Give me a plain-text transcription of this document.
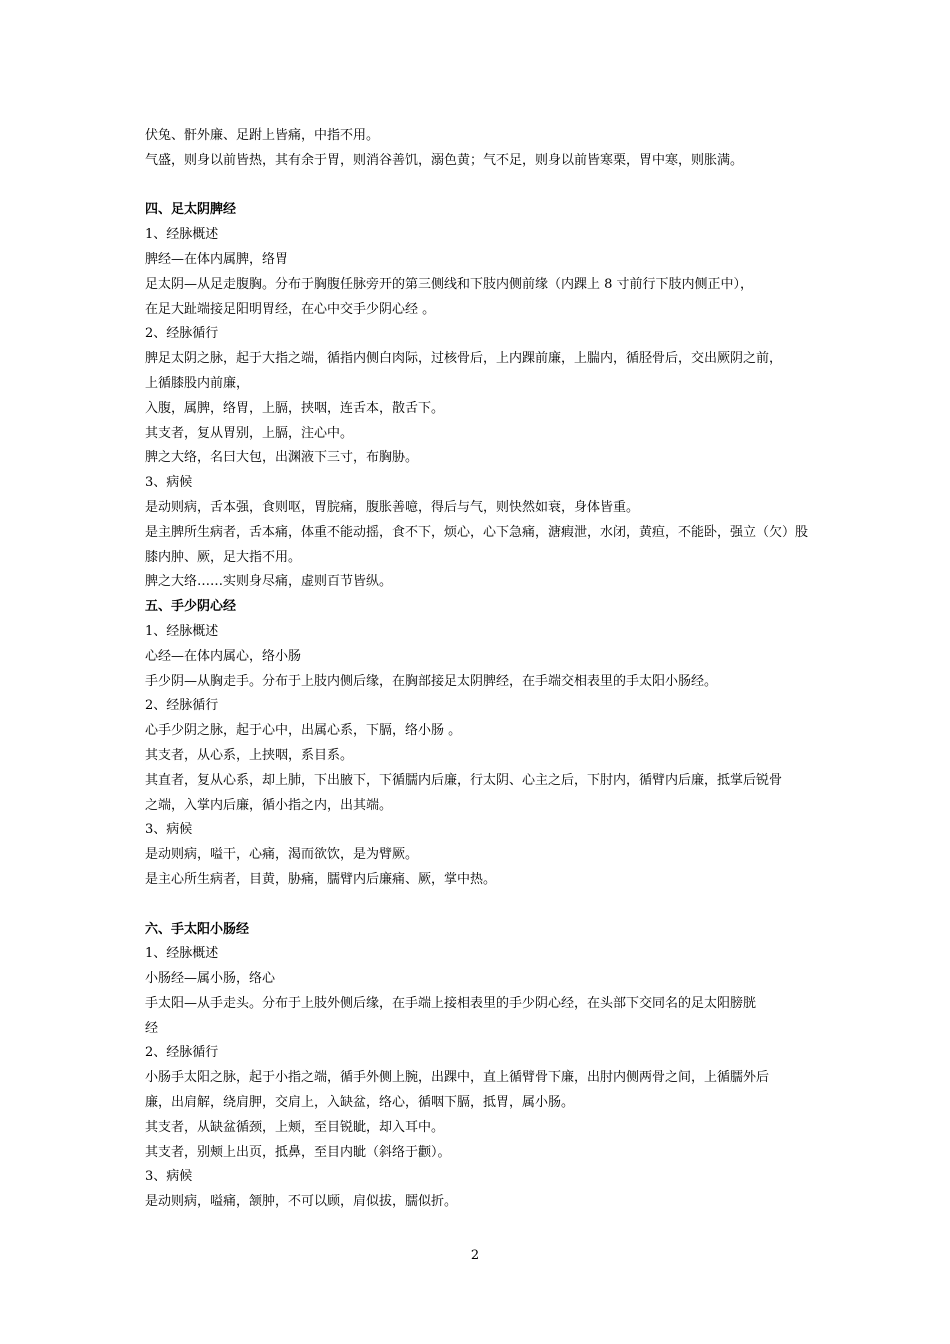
伏兔、骭外廉、足跗上皆痛，中指不用。
气盛，则身以前皆热，其有余于胃，则消谷善饥，溺色黄；气不足，则身以前皆寒栗，胃中寒，则胀满。
四、足太阴脾经
1、经脉概述
脾经—在体内属脾，络胃
足太阴—从足走腹胸。分布于胸腹任脉旁开的第三侧线和下肢内侧前缘（内踝上 8 寸前行下肢内侧正中），
在足大趾端接足阳明胃经，在心中交手少阴心经 。
2、经脉循行
脾足太阴之脉，起于大指之端，循指内侧白肉际，过核骨后，上内踝前廉，上腨内，循胫骨后，交出厥阴之前，
上循膝股内前廉，
入腹，属脾，络胃，上膈，挟咽，连舌本，散舌下。
其支者，复从胃别，上膈，注心中。
脾之大络，名曰大包，出渊液下三寸，布胸胁。
3、病候
是动则病，舌本强，食则呕，胃脘痛，腹胀善噫，得后与气，则快然如衰，身体皆重。
是主脾所生病者，舌本痛，体重不能动摇，食不下，烦心，心下急痛，溏瘕泄，水闭，黄疸，不能卧，强立（欠）股
膝内肿、厥，足大指不用。
脾之大络……实则身尽痛，虚则百节皆纵。
五、手少阴心经
1、经脉概述
心经—在体内属心，络小肠
手少阴—从胸走手。分布于上肢内侧后缘，在胸部接足太阴脾经，在手端交相表里的手太阳小肠经。
2、经脉循行
心手少阴之脉，起于心中，出属心系，下膈，络小肠 。
其支者，从心系，上挟咽，系目系。
其直者，复从心系，却上肺，下出腋下，下循臑内后廉，行太阴、心主之后，下肘内，循臂内后廉，抵掌后锐骨
之端，入掌内后廉，循小指之内，出其端。
3、病候
是动则病，嗌干，心痛，渴而欲饮，是为臂厥。
是主心所生病者，目黄，胁痛，臑臂内后廉痛、厥，掌中热。
六、手太阳小肠经
1、经脉概述
小肠经—属小肠，络心
手太阳—从手走头。分布于上肢外侧后缘，在手端上接相表里的手少阴心经，在头部下交同名的足太阳膀胱
经
2、经脉循行
小肠手太阳之脉，起于小指之端，循手外侧上腕，出踝中，直上循臂骨下廉，出肘内侧两骨之间，上循臑外后
廉，出肩解，绕肩胛，交肩上，入缺盆，络心，循咽下膈，抵胃，属小肠。
其支者，从缺盆循颈，上颊，至目锐眦，却入耳中。
其支者，别颊上出页，抵鼻，至目内眦（斜络于颧）。
3、病候
是动则病，嗌痛，颔肿，不可以顾，肩似拔，臑似折。
2
